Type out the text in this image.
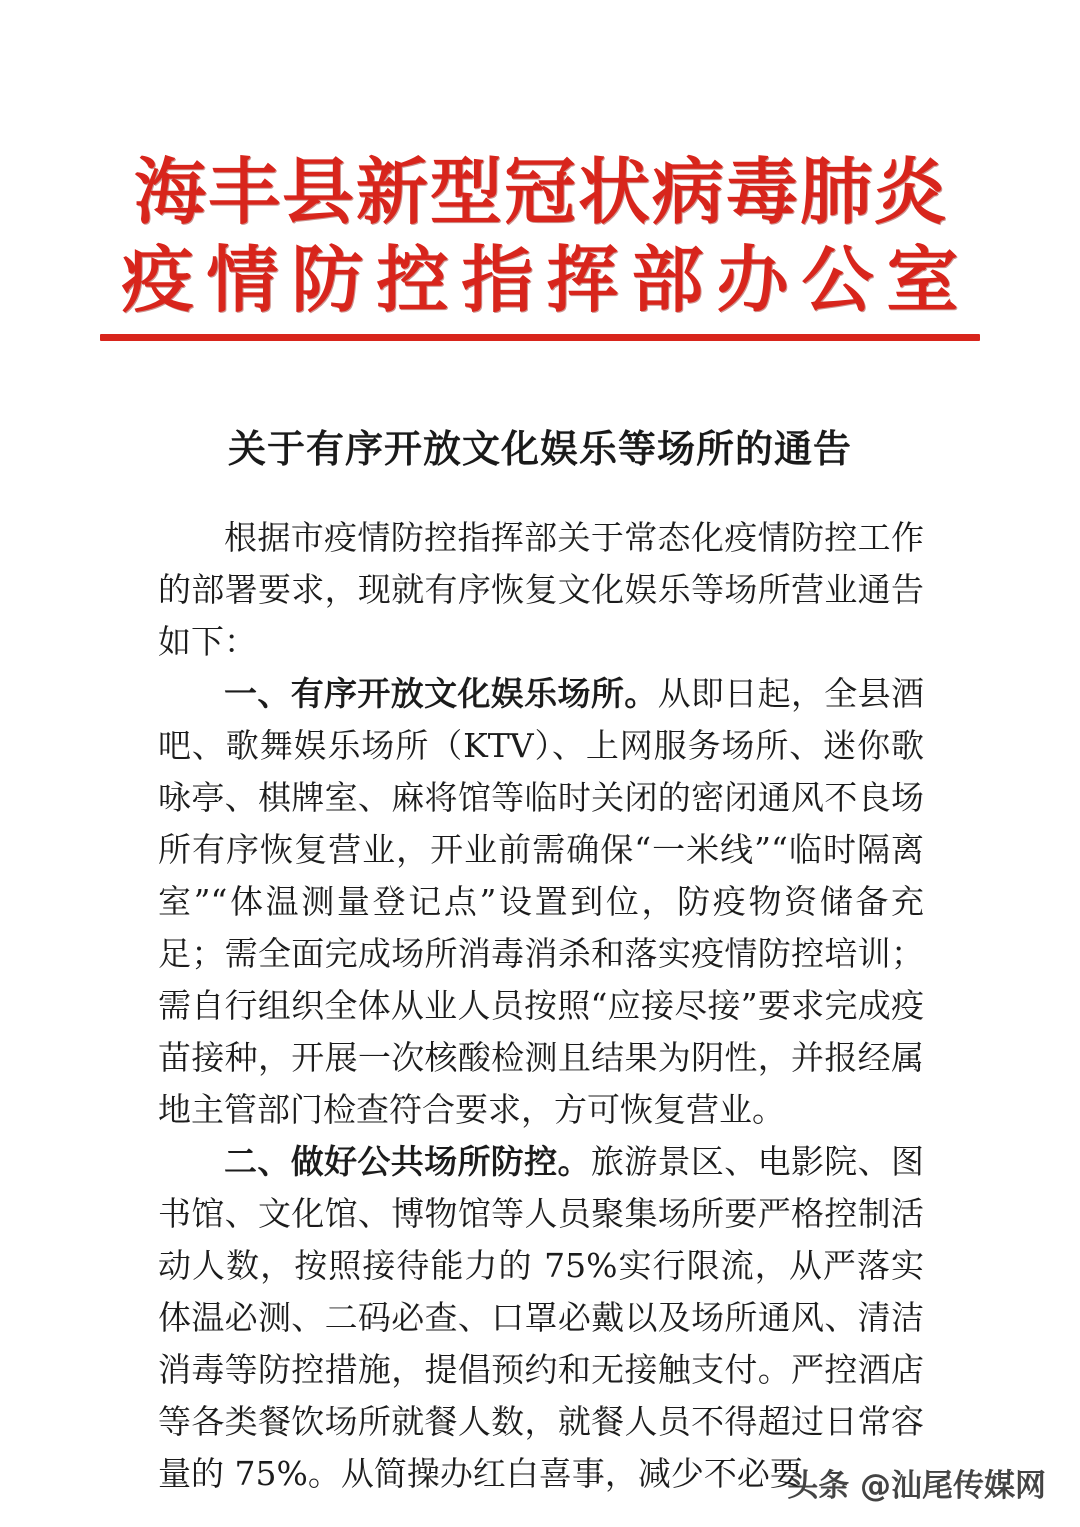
海丰县新型冠状病毒肺炎
疫情防控指挥部办公室
关于有序开放文化娱乐等场所的通告

根据市疫情防控指挥部关于常态化疫情防控工作的部署要求，现就有序恢复文化娱乐等场所营业通告如下：

一、有序开放文化娱乐场所。从即日起，全县酒吧、歌舞娱乐场所（KTV）、上网服务场所、迷你歌咏亭、棋牌室、麻将馆等临时关闭的密闭通风不良场所有序恢复营业，开业前需确保“一米线”“临时隔离室”“体温测量登记点”设置到位，防疫物资储备充足；需全面完成场所消毒消杀和落实疫情防控培训；需自行组织全体从业人员按照“应接尽接”要求完成疫苗接种，开展一次核酸检测且结果为阴性，并报经属地主管部门检查符合要求，方可恢复营业。

二、做好公共场所防控。旅游景区、电影院、图书馆、文化馆、博物馆等人员聚集场所要严格控制活动人数，按照接待能力的 75%实行限流，从严落实体温必测、二码必查、口罩必戴以及场所通风、清洁消毒等防控措施，提倡预约和无接触支付。严控酒店等各类餐饮场所就餐人数，就餐人员不得超过日常容量的 75%。从简操办红白喜事，减少不必要

头条 @汕尾传媒网
